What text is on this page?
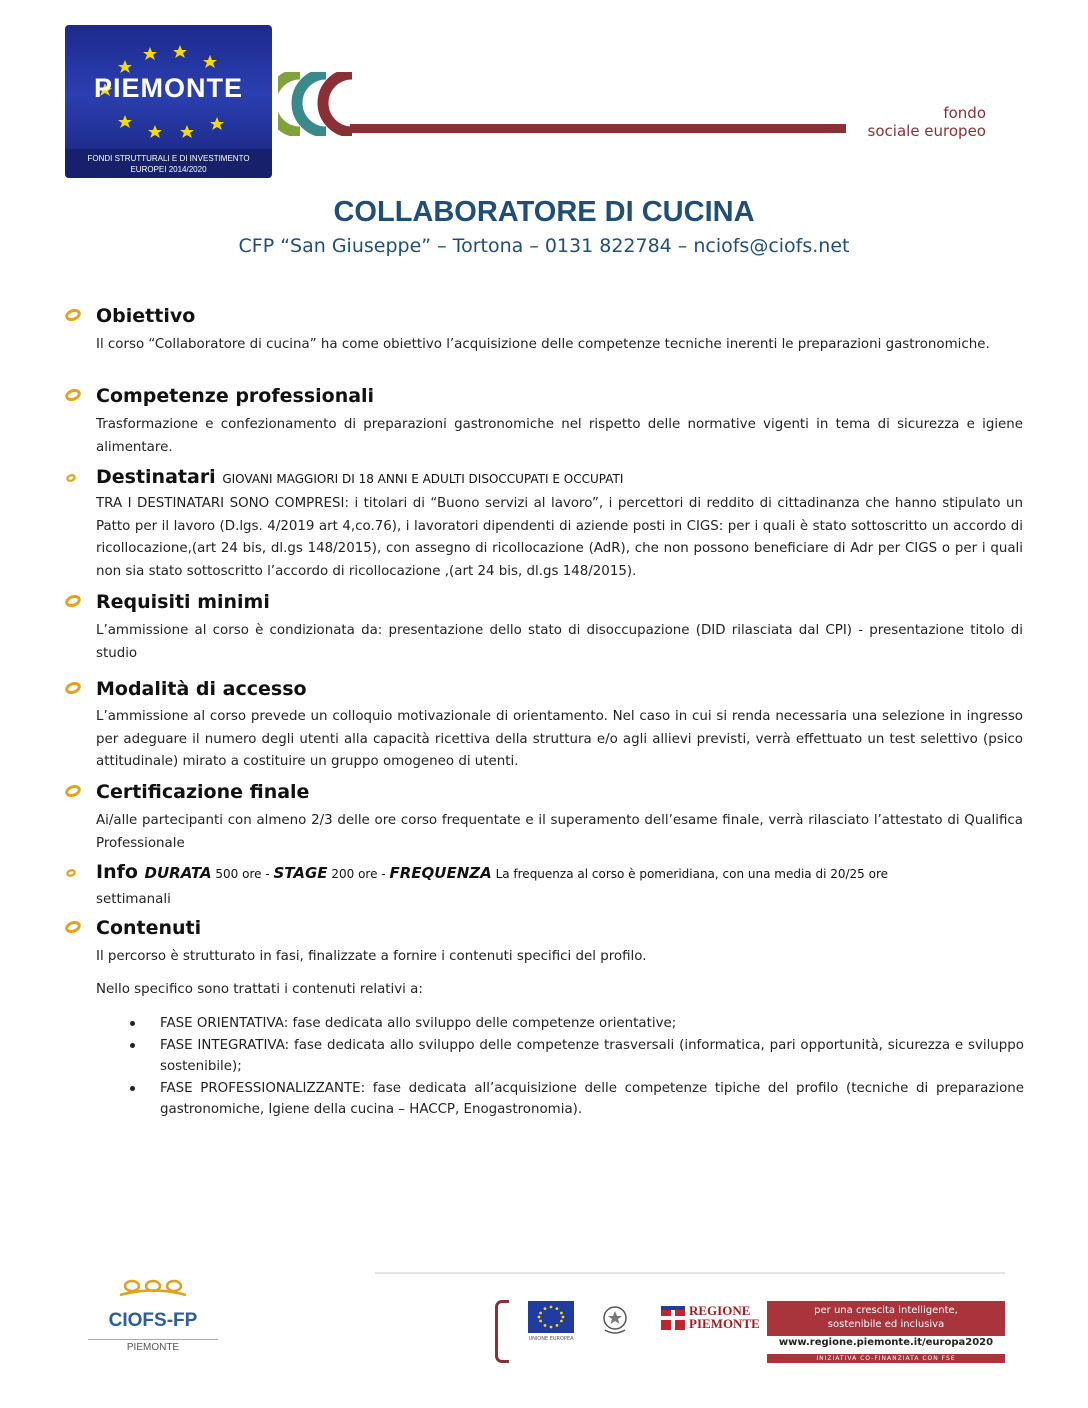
PIEMONTE
FONDI STRUTTURALI E DI INVESTIMENTO
EUROPEI 2014/2020
fondo
sociale europeo
COLLABORATORE DI CUCINA
CFP “San Giuseppe” – Tortona – 0131 822784 – nciofs@ciofs.net
Obiettivo
Il corso “Collaboratore di cucina” ha come obiettivo l’acquisizione delle competenze tecniche inerenti le preparazioni gastronomiche.
Competenze professionali
Trasformazione e confezionamento di preparazioni gastronomiche nel rispetto delle normative vigenti in tema di sicurezza e igiene alimentare.
Destinatari GIOVANI MAGGIORI DI 18 ANNI E ADULTI DISOCCUPATI E OCCUPATI
TRA I DESTINATARI SONO COMPRESI: i titolari di “Buono servizi al lavoro”, i percettori di reddito di cittadinanza che hanno stipulato un Patto per il lavoro (D.lgs. 4/2019 art 4,co.76), i lavoratori dipendenti di aziende posti in CIGS: per i quali è stato sottoscritto un accordo di ricollocazione,(art 24 bis, dl.gs 148/2015), con assegno di ricollocazione (AdR), che non possono beneficiare di Adr per CIGS o per i quali non sia stato sottoscritto l’accordo di ricollocazione ,(art 24 bis, dl.gs 148/2015).
Requisiti minimi
L’ammissione al corso è condizionata da: presentazione dello stato di disoccupazione (DID rilasciata dal CPI) - presentazione titolo di studio
Modalità di accesso
L’ammissione al corso prevede un colloquio motivazionale di orientamento. Nel caso in cui si renda necessaria una selezione in ingresso per adeguare il numero degli utenti alla capacità ricettiva della struttura e/o agli allievi previsti, verrà effettuato un test selettivo (psico attitudinale) mirato a costituire un gruppo omogeneo di utenti.
Certificazione finale
Ai/alle partecipanti con almeno 2/3 delle ore corso frequentate e il superamento dell’esame finale, verrà rilasciato l’attestato di Qualifica Professionale
Info DURATA 500 ore - STAGE 200 ore - FREQUENZA La frequenza al corso è pomeridiana, con una media di 20/25 ore
settimanali
Contenuti
Il percorso è strutturato in fasi, finalizzate a fornire i contenuti specifici del profilo.
Nello specifico sono trattati i contenuti relativi a:
FASE ORIENTATIVA: fase dedicata allo sviluppo delle competenze orientative;
FASE INTEGRATIVA: fase dedicata allo sviluppo delle competenze trasversali (informatica, pari opportunità, sicurezza e sviluppo sostenibile);
FASE PROFESSIONALIZZANTE: fase dedicata all’acquisizione delle competenze tipiche del profilo (tecniche di preparazione gastronomiche, Igiene della cucina – HACCP, Enogastronomia).
CIOFS-FP
PIEMONTE
UNIONE EUROPEA
REGIONE
PIEMONTE
per una crescita intelligente,
sostenibile ed inclusiva
www.regione.piemonte.it/europa2020
INIZIATIVA CO-FINANZIATA CON FSE
